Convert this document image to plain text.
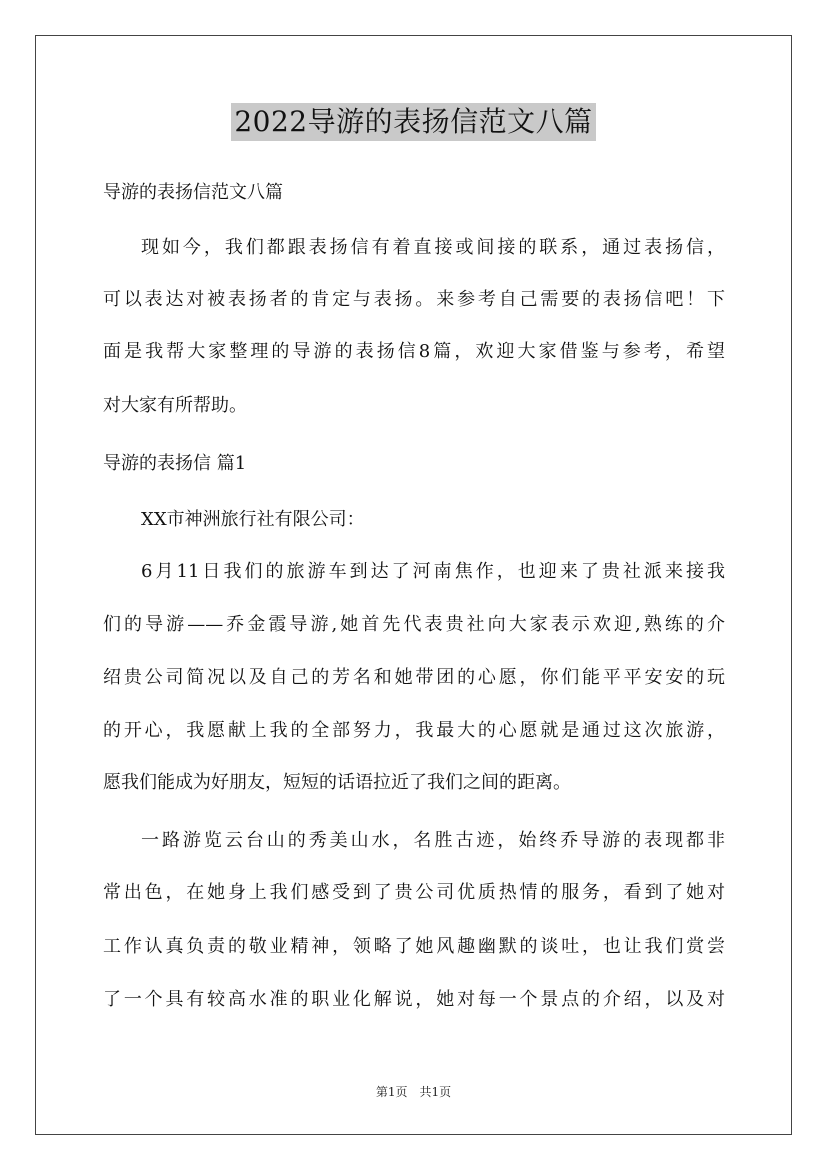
2022导游的表扬信范文八篇
导游的表扬信范文八篇
现如今，我们都跟表扬信有着直接或间接的联系，通过表扬信，
可以表达对被表扬者的肯定与表扬。来参考自己需要的表扬信吧！下
面是我帮大家整理的导游的表扬信8篇，欢迎大家借鉴与参考，希望
对大家有所帮助。
导游的表扬信 篇1
XX市神洲旅行社有限公司：
6月11日我们的旅游车到达了河南焦作，也迎来了贵社派来接我
们的导游——乔金霞导游,她首先代表贵社向大家表示欢迎,熟练的介
绍贵公司简况以及自己的芳名和她带团的心愿，你们能平平安安的玩
的开心，我愿献上我的全部努力，我最大的心愿就是通过这次旅游，
愿我们能成为好朋友，短短的话语拉近了我们之间的距离。
一路游览云台山的秀美山水，名胜古迹，始终乔导游的表现都非
常出色，在她身上我们感受到了贵公司优质热情的服务，看到了她对
工作认真负责的敬业精神，领略了她风趣幽默的谈吐，也让我们赏尝
了一个具有较高水准的职业化解说，她对每一个景点的介绍，以及对
第1页　共1页
